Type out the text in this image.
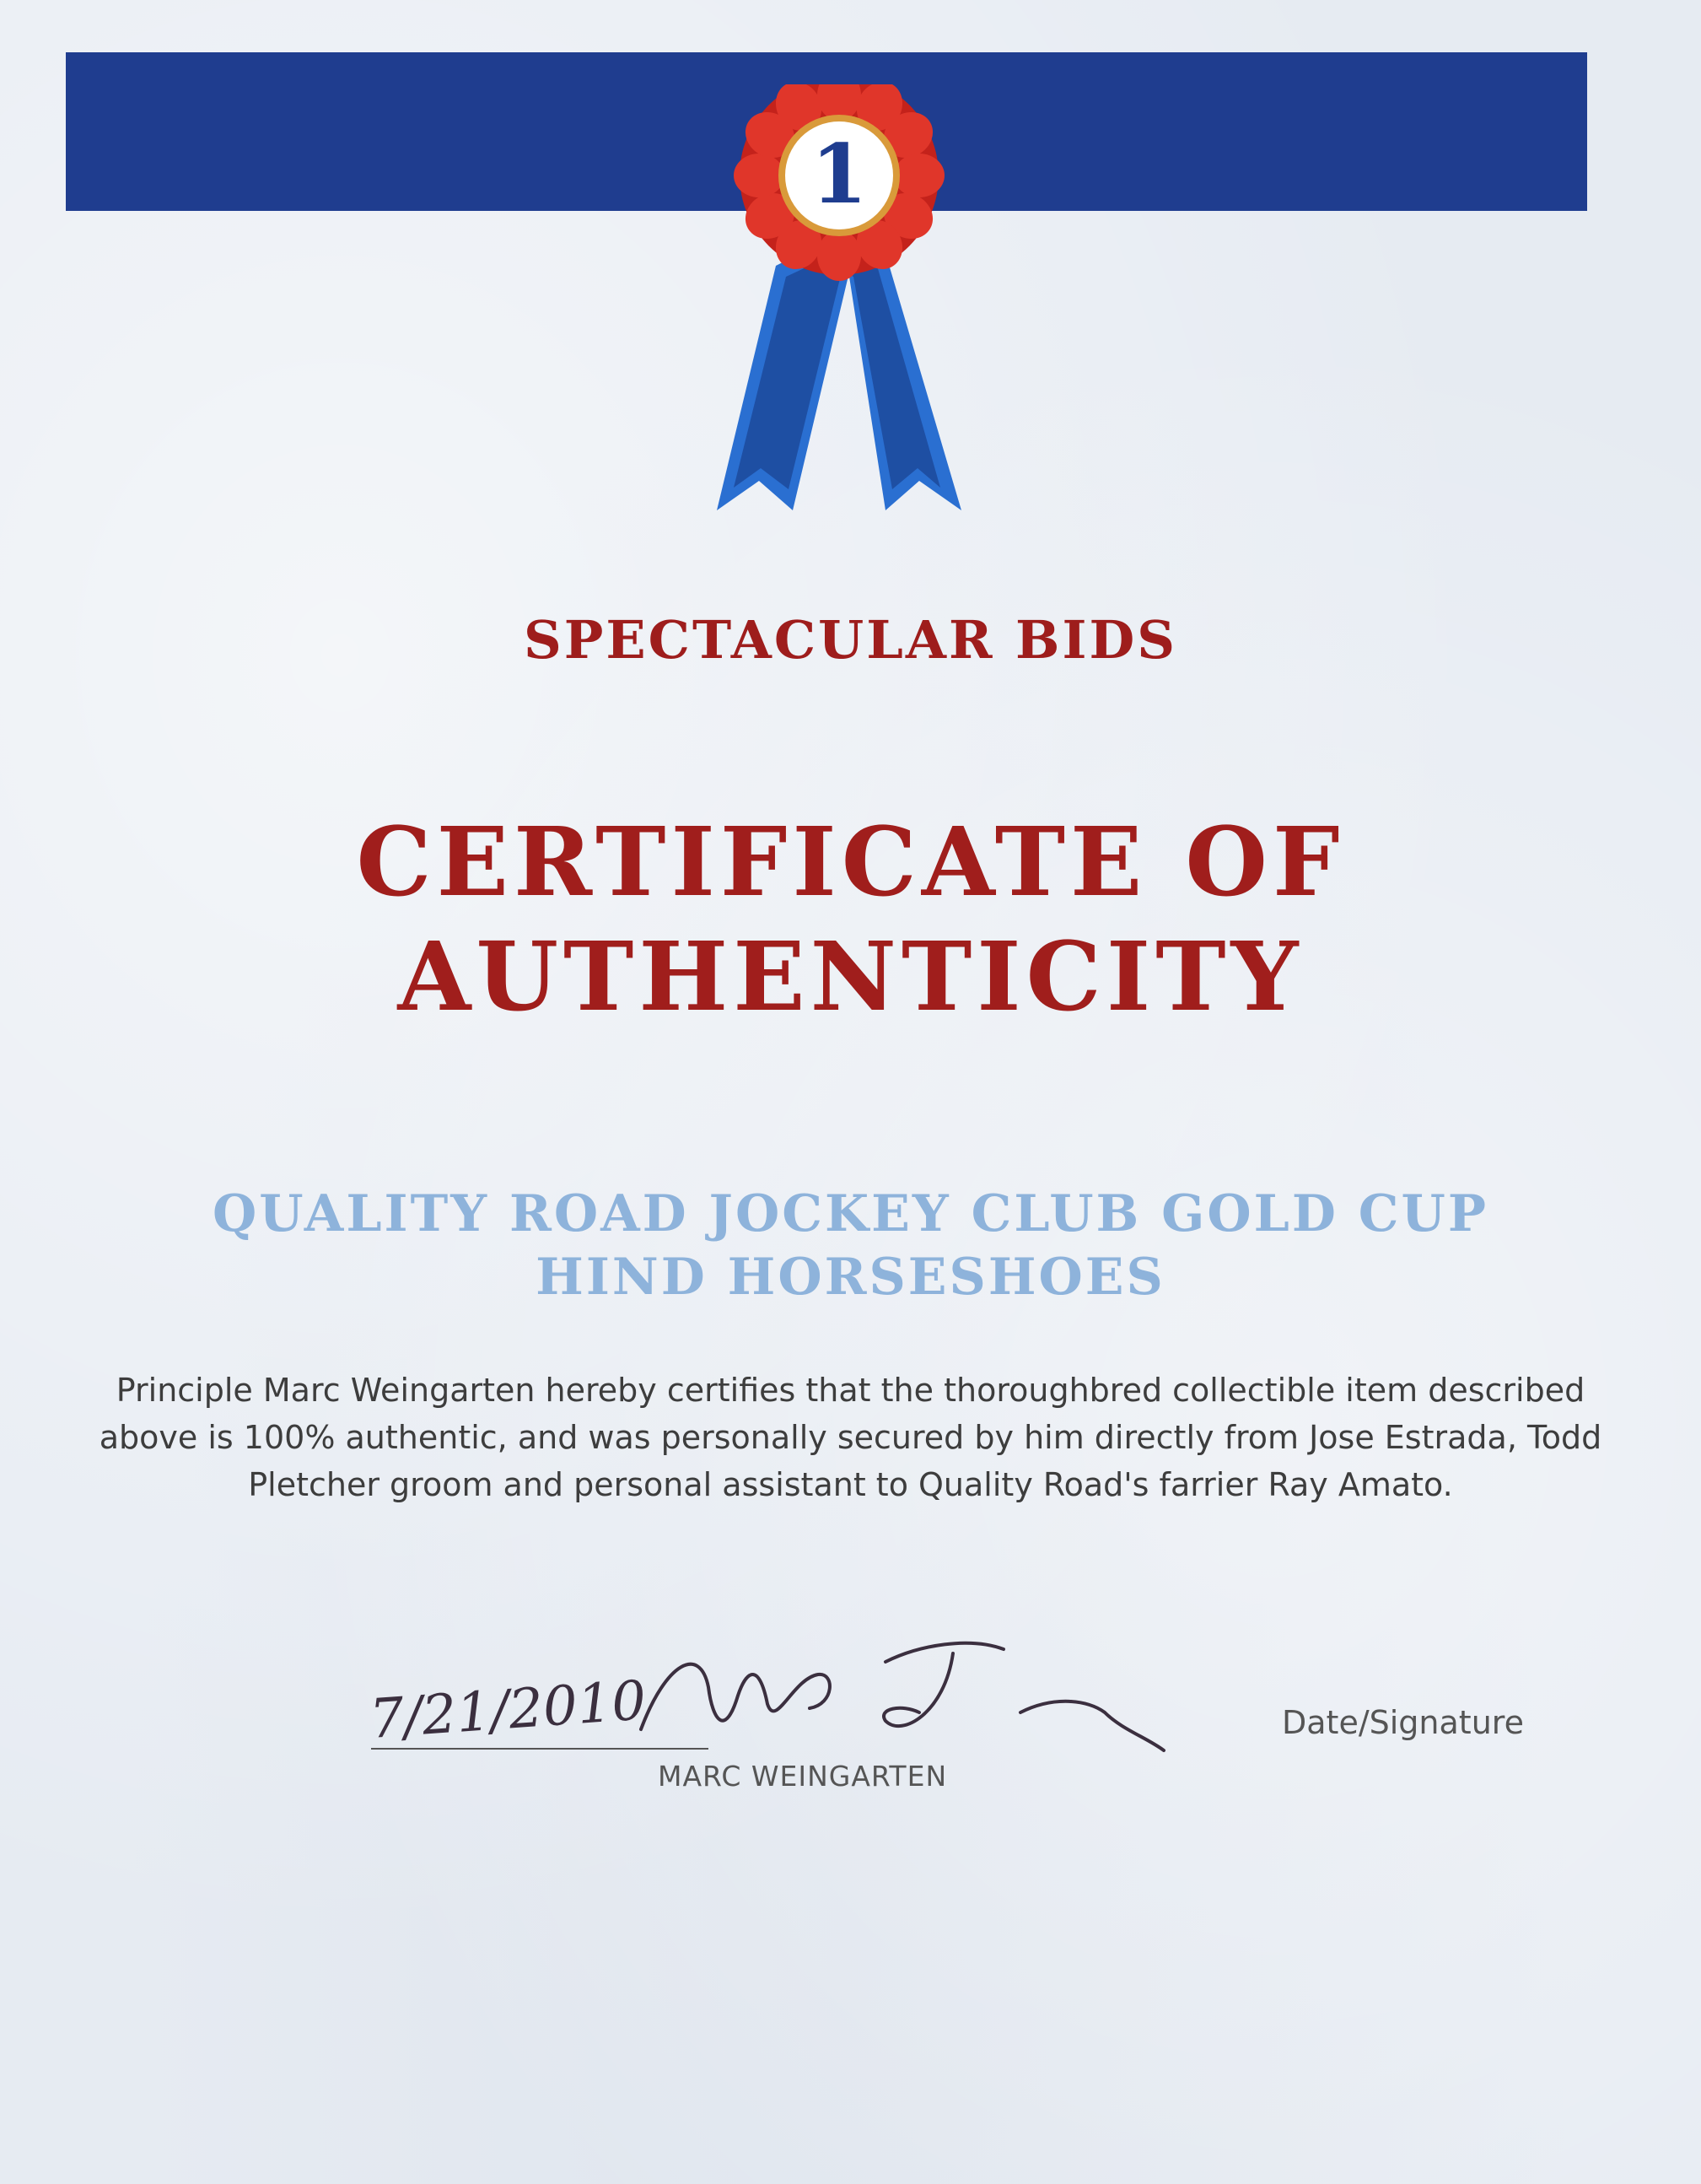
1
SPECTACULAR BIDS
CERTIFICATE OF
AUTHENTICITY
QUALITY ROAD JOCKEY CLUB GOLD CUP
HIND HORSESHOES
Principle Marc Weingarten hereby certifies that the thoroughbred collectible item described above is 100% authentic, and was personally secured by him directly from Jose Estrada, Todd Pletcher groom and personal assistant to Quality Road's farrier Ray Amato.
7/21/2010
MARC WEINGARTEN
Date/Signature
